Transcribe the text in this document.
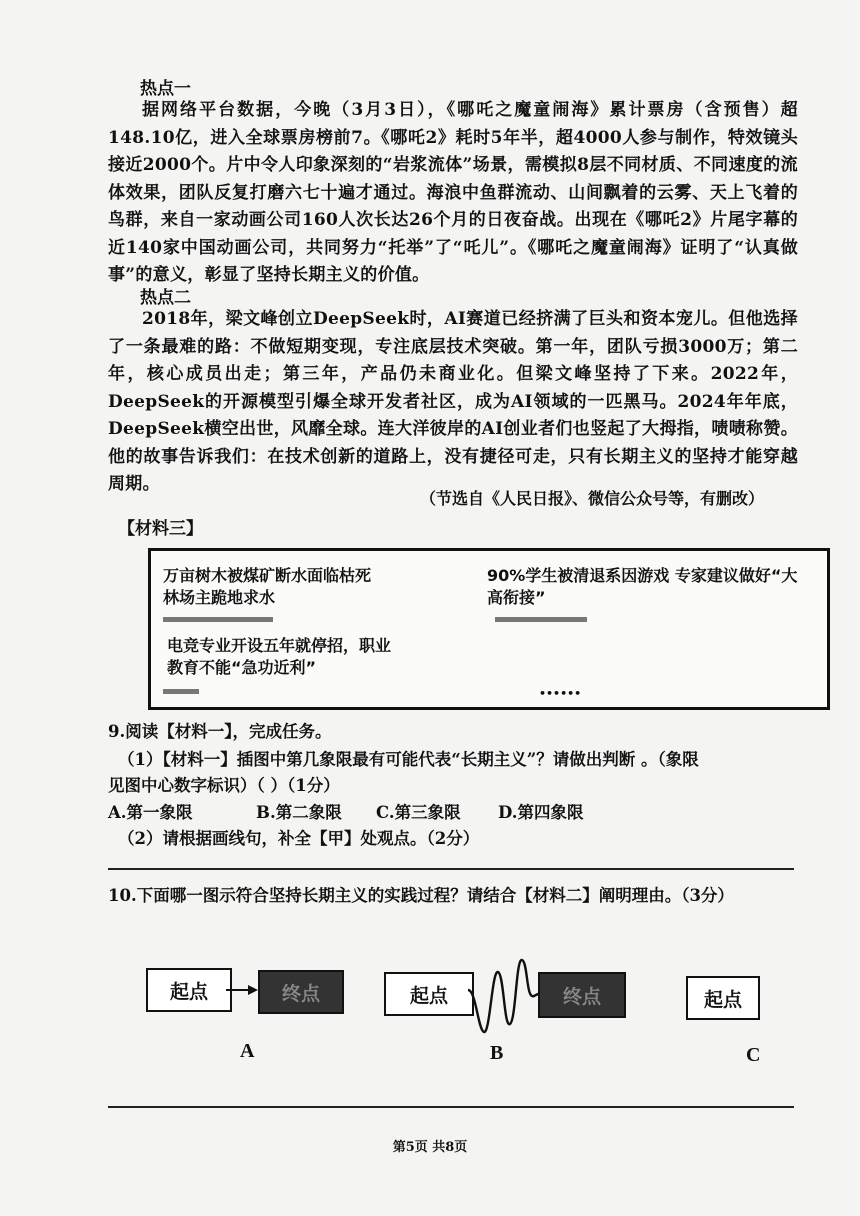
热点一
据网络平台数据，今晚（3月3日），《哪吒之魔童闹海》累计票房（含预售）超148.10亿，进入全球票房榜前7。《哪吒2》耗时5年半，超4000人参与制作，特效镜头接近2000个。片中令人印象深刻的“岩浆流体”场景，需模拟8层不同材质、不同速度的流体效果，团队反复打磨六七十遍才通过。海浪中鱼群流动、山间飘着的云雾、天上飞着的鸟群，来自一家动画公司160人次长达26个月的日夜奋战。出现在《哪吒2》片尾字幕的近140家中国动画公司，共同努力“托举”了“吒儿”。《哪吒之魔童闹海》证明了“认真做事”的意义，彰显了坚持长期主义的价值。
热点二
2018年，梁文峰创立DeepSeek时，AI赛道已经挤满了巨头和资本宠儿。但他选择了一条最难的路：不做短期变现，专注底层技术突破。第一年，团队亏损3000万；第二年，核心成员出走；第三年，产品仍未商业化。但梁文峰坚持了下来。2022年，DeepSeek的开源模型引爆全球开发者社区，成为AI领域的一匹黑马。2024年年底，DeepSeek横空出世，风靡全球。连大洋彼岸的AI创业者们也竖起了大拇指，啧啧称赞。他的故事告诉我们：在技术创新的道路上，没有捷径可走，只有长期主义的坚持才能穿越周期。
（节选自《人民日报》、微信公众号等，有删改）
【材料三】
万亩树木被煤矿断水面临枯死
林场主跪地求水
90%学生被清退系因游戏 专家建议做好“大
高衔接”
电竞专业开设五年就停招，职业
教育不能“急功近利”
••••••
9.阅读【材料一】，完成任务。
（1）【材料一】插图中第几象限最有可能代表“长期主义”？请做出判断 。（象限
见图中心数字标识）（ ）（1分）
A.第一象限	B.第二象限 C.第三象限 D.第四象限
（2）请根据画线句，补全【甲】处观点。（2分）
10.下面哪一图示符合坚持长期主义的实践过程？请结合【材料二】阐明理由。（3分）
起点	终点
A
起点	终点
B
起点
C
第5页 共8页
